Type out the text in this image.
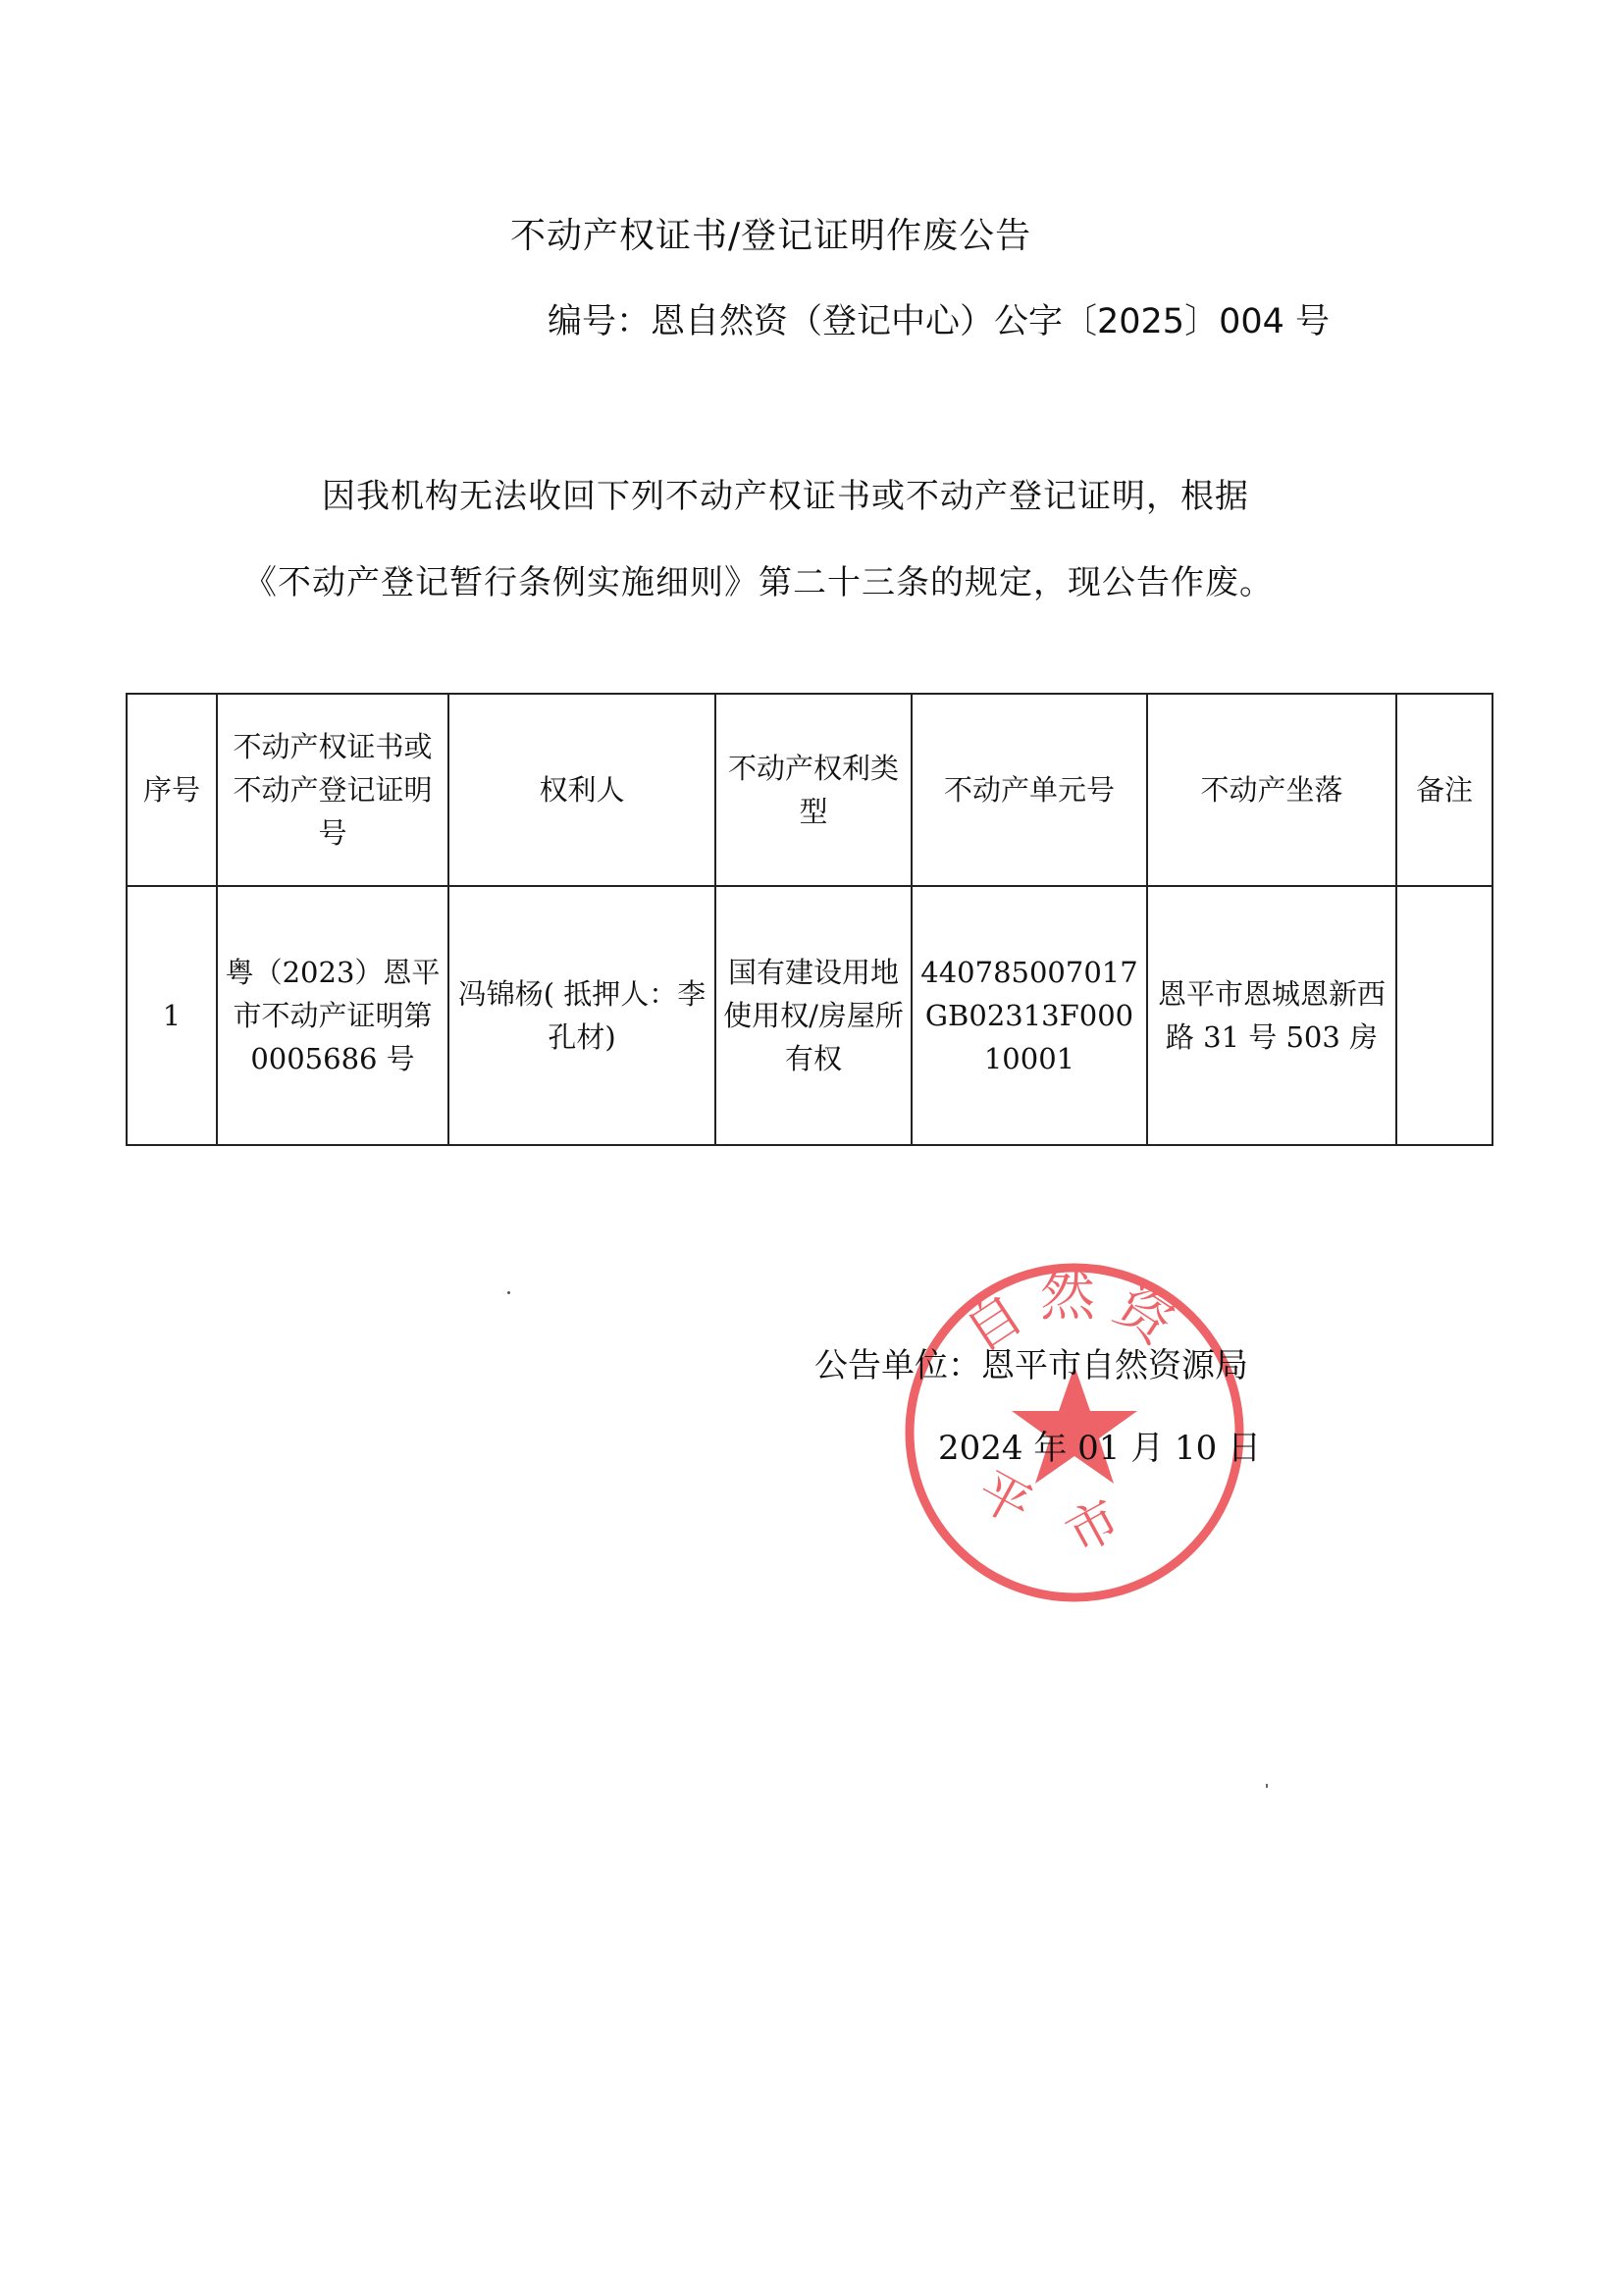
不动产权证书/登记证明作废公告
编号：恩自然资（登记中心）公字〔2025〕004 号
因我机构无法收回下列不动产权证书或不动产登记证明，根据
《不动产登记暂行条例实施细则》第二十三条的规定，现公告作废。
序号	不动产权证书或不动产登记证明号	权利人	不动产权利类型	不动产单元号	不动产坐落	备注
1	粤（2023）恩平市不动产证明第 0005686 号	冯锦杨( 抵押人：李孔材)	国有建设用地使用权/房屋所有权	440785007017GB02313F00010001	恩平市恩城恩新西路 31 号 503 房	
自然资
平市
公告单位：恩平市自然资源局
2024 年 01 月 10 日
